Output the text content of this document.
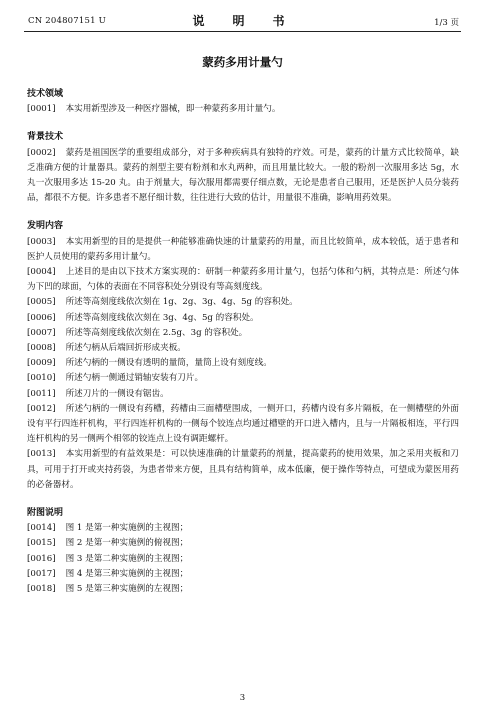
CN 204807151 U	说　明　书	1/3 页
蒙药多用计量勺
技术领域

[0001] 本实用新型涉及一种医疗器械，即一种蒙药多用计量勺。

背景技术

[0002] 蒙药是祖国医学的重要组成部分，对于多种疾病具有独特的疗效。可是，蒙药的计量方式比较简单，缺乏准确方便的计量器具。蒙药的剂型主要有粉剂和水丸两种，而且用量比较大。一般的粉剂一次服用多达 5g，水丸一次服用多达 15-20 丸。由于剂量大，每次服用都需要仔细点数，无论是患者自己服用，还是医护人员分装药品，都很不方便。许多患者不愿仔细计数，往往进行大致的估计，用量很不准确，影响用药效果。

发明内容

[0003] 本实用新型的目的是提供一种能够准确快速的计量蒙药的用量，而且比较简单，成本较低，适于患者和医护人员使用的蒙药多用计量勺。

[0004] 上述目的是由以下技术方案实现的：研制一种蒙药多用计量勺，包括勺体和勺柄，其特点是：所述勺体为下凹的球面，勺体的表面在不同容积处分别设有等高刻度线。

[0005] 所述等高刻度线依次刻在 1g、2g、3g、4g、5g 的容积处。

[0006] 所述等高刻度线依次刻在 3g、4g、5g 的容积处。

[0007] 所述等高刻度线依次刻在 2.5g、3g 的容积处。

[0008] 所述勺柄从后端回折形成夹板。

[0009] 所述勺柄的一侧设有透明的量筒，量筒上设有刻度线。

[0010] 所述勺柄一侧通过销轴安装有刀片。

[0011] 所述刀片的一侧设有锯齿。

[0012] 所述勺柄的一侧设有药槽，药槽由三面槽壁围成，一侧开口，药槽内设有多片隔板，在一侧槽壁的外面设有平行四连杆机构，平行四连杆机构的一侧每个铰连点均通过槽壁的开口进入槽内，且与一片隔板相连，平行四连杆机构的另一侧两个相邻的铰连点上设有调距螺杆。

[0013] 本实用新型的有益效果是：可以快速准确的计量蒙药的剂量，提高蒙药的使用效果，加之采用夹板和刀具，可用于打开或夹持药袋，为患者带来方便，且具有结构简单，成本低廉，便于操作等特点，可望成为蒙医用药的必备器材。

附图说明

[0014] 图 1 是第一种实施例的主视图；

[0015] 图 2 是第一种实施例的俯视图；

[0016] 图 3 是第二种实施例的主视图；

[0017] 图 4 是第三种实施例的主视图；

[0018] 图 5 是第三种实施例的左视图；

3
